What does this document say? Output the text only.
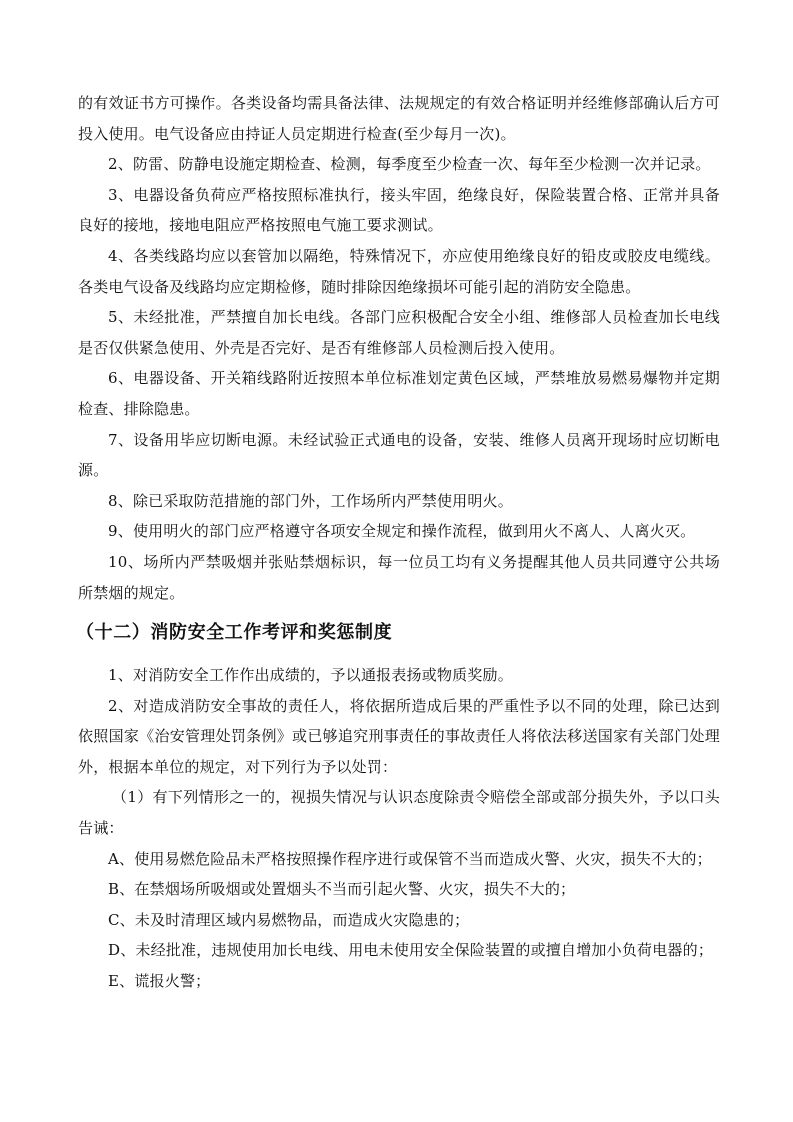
的有效证书方可操作。各类设备均需具备法律、法规规定的有效合格证明并经维修部确认后方可投入使用。电气设备应由持证人员定期进行检查(至少每月一次)。

2、防雷、防静电设施定期检查、检测，每季度至少检查一次、每年至少检测一次并记录。

3、电器设备负荷应严格按照标准执行，接头牢固，绝缘良好，保险装置合格、正常并具备良好的接地，接地电阻应严格按照电气施工要求测试。

4、各类线路均应以套管加以隔绝，特殊情况下，亦应使用绝缘良好的铅皮或胶皮电缆线。各类电气设备及线路均应定期检修，随时排除因绝缘损坏可能引起的消防安全隐患。

5、未经批准，严禁擅自加长电线。各部门应积极配合安全小组、维修部人员检查加长电线是否仅供紧急使用、外壳是否完好、是否有维修部人员检测后投入使用。

6、电器设备、开关箱线路附近按照本单位标准划定黄色区域，严禁堆放易燃易爆物并定期检查、排除隐患。

7、设备用毕应切断电源。未经试验正式通电的设备，安装、维修人员离开现场时应切断电源。

8、除已采取防范措施的部门外，工作场所内严禁使用明火。

9、使用明火的部门应严格遵守各项安全规定和操作流程，做到用火不离人、人离火灭。

10、场所内严禁吸烟并张贴禁烟标识，每一位员工均有义务提醒其他人员共同遵守公共场所禁烟的规定。

（十二）消防安全工作考评和奖惩制度

1、对消防安全工作作出成绩的，予以通报表扬或物质奖励。

2、对造成消防安全事故的责任人，将依据所造成后果的严重性予以不同的处理，除已达到依照国家《治安管理处罚条例》或已够追究刑事责任的事故责任人将依法移送国家有关部门处理外，根据本单位的规定，对下列行为予以处罚：

（1）有下列情形之一的，视损失情况与认识态度除责令赔偿全部或部分损失外，予以口头告诫：

A、使用易燃危险品未严格按照操作程序进行或保管不当而造成火警、火灾，损失不大的；

B、在禁烟场所吸烟或处置烟头不当而引起火警、火灾，损失不大的；

C、未及时清理区域内易燃物品，而造成火灾隐患的；

D、未经批准，违规使用加长电线、用电未使用安全保险装置的或擅自增加小负荷电器的；

E、谎报火警；
